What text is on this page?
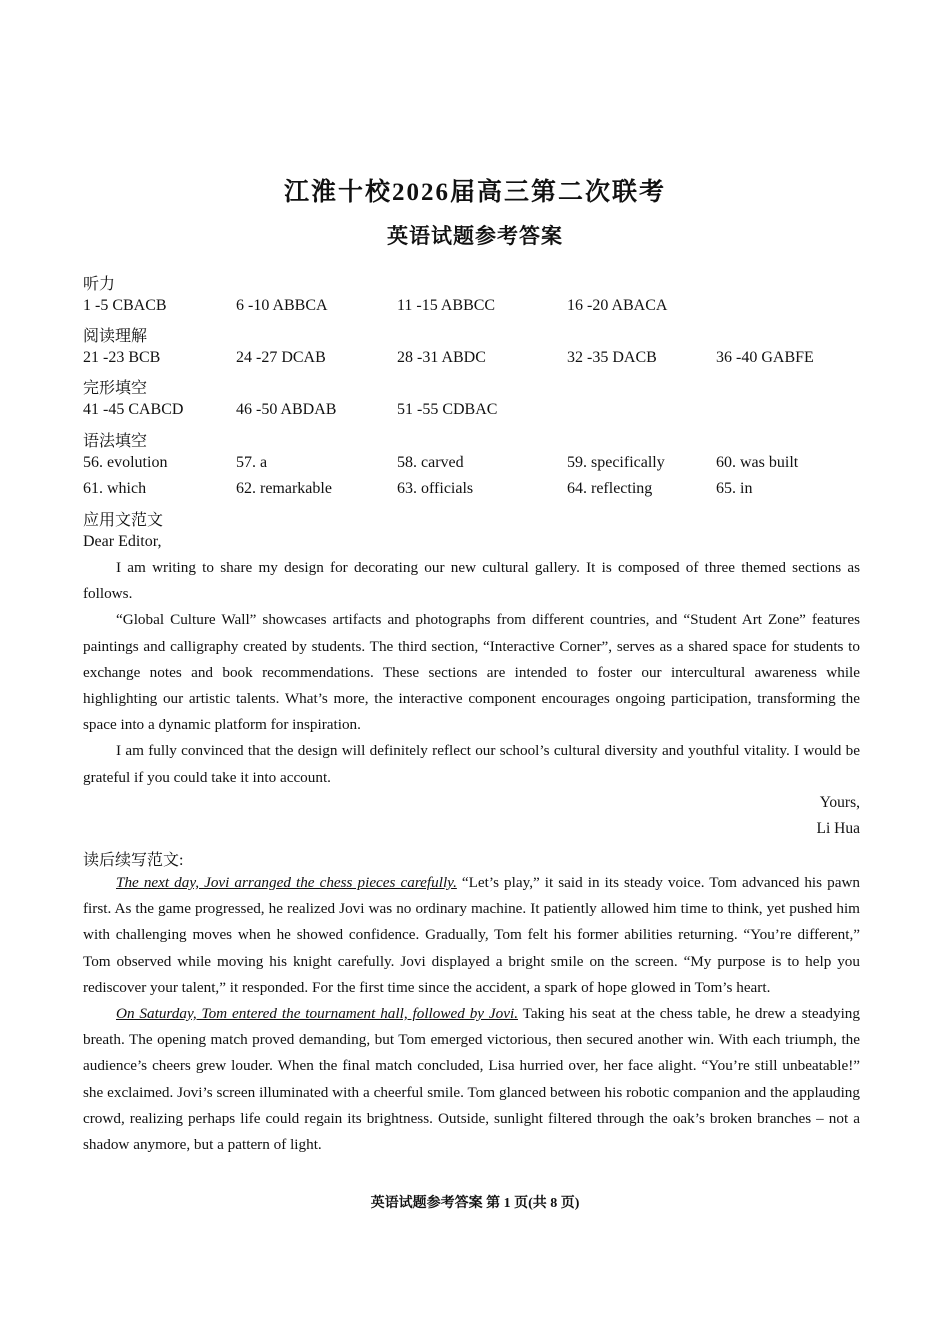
江淮十校2026届高三第二次联考
英语试题参考答案
听力
1 -5 CBACB	6 -10 ABBCA	11 -15 ABBCC	16 -20 ABACA
阅读理解
21 -23 BCB	24 -27 DCAB	28 -31 ABDC	32 -35 DACB	36 -40 GABFE
完形填空
41 -45 CABCD	46 -50 ABDAB	51 -55 CDBAC
语法填空
56. evolution	57. a	58. carved	59. specifically	60. was built
61. which	62. remarkable	63. officials	64. reflecting	65. in
应用文范文
Dear Editor,

I am writing to share my design for decorating our new cultural gallery. It is composed of three themed sections as follows.

“Global Culture Wall” showcases artifacts and photographs from different countries, and “Student Art Zone” features paintings and calligraphy created by students. The third section, “Interactive Corner”, serves as a shared space for students to exchange notes and book recommendations. These sections are intended to foster our intercultural awareness while highlighting our artistic talents. What’s more, the interactive component encourages ongoing participation, transforming the space into a dynamic platform for inspiration.

I am fully convinced that the design will definitely reflect our school’s cultural diversity and youthful vitality. I would be grateful if you could take it into account.

Yours,
Li Hua
读后续写范文:

The next day, Jovi arranged the chess pieces carefully. “Let’s play,” it said in its steady voice. Tom advanced his pawn first. As the game progressed, he realized Jovi was no ordinary machine. It patiently allowed him time to think, yet pushed him with challenging moves when he showed confidence. Gradually, Tom felt his former abilities returning. “You’re different,” Tom observed while moving his knight carefully. Jovi displayed a bright smile on the screen. “My purpose is to help you rediscover your talent,” it responded. For the first time since the accident, a spark of hope glowed in Tom’s heart.

On Saturday, Tom entered the tournament hall, followed by Jovi. Taking his seat at the chess table, he drew a steadying breath. The opening match proved demanding, but Tom emerged victorious, then secured another win. With each triumph, the audience’s cheers grew louder. When the final match concluded, Lisa hurried over, her face alight. “You’re still unbeatable!” she exclaimed. Jovi’s screen illuminated with a cheerful smile. Tom glanced between his robotic companion and the applauding crowd, realizing perhaps life could regain its brightness. Outside, sunlight filtered through the oak’s broken branches – not a shadow anymore, but a pattern of light.

英语试题参考答案 第 1 页(共 8 页)
